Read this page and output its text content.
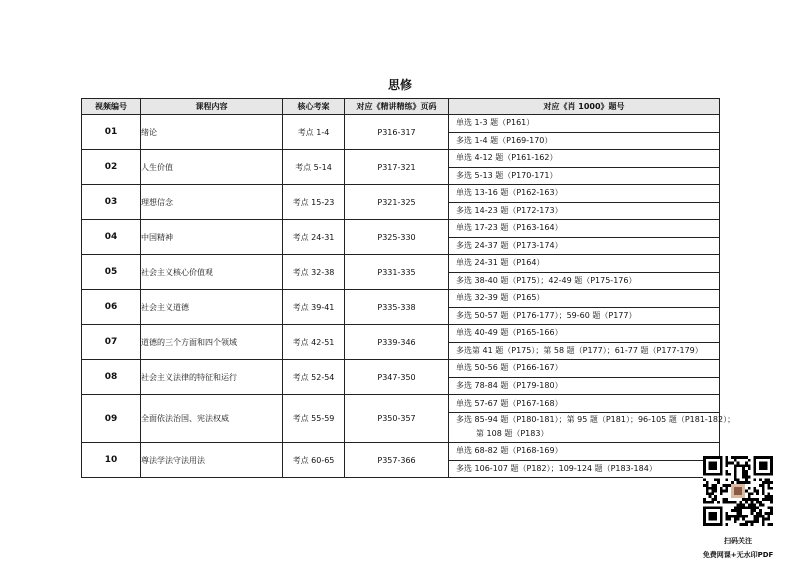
思修
视频编号	课程内容	核心考案	对应《精讲精练》页码	对应《肖 1000》题号
01	绪论	考点 1-4	P316-317	单选 1-3 题（P161）
多选 1-4 题（P169-170）

02	人生价值	考点 5-14	P317-321	单选 4-12 题（P161-162）
多选 5-13 题（P170-171）

03	理想信念	考点 15-23	P321-325	单选 13-16 题（P162-163）
多选 14-23 题（P172-173）

04	中国精神	考点 24-31	P325-330	单选 17-23 题（P163-164）
多选 24-37 题（P173-174）

05	社会主义核心价值观	考点 32-38	P331-335	单选 24-31 题（P164）
多选 38-40 题（P175）；42-49 题（P175-176）

06	社会主义道德	考点 39-41	P335-338	单选 32-39 题（P165）
多选 50-57 题（P176-177）；59-60 题（P177）

07	道德的三个方面和四个领域	考点 42-51	P339-346	单选 40-49 题（P165-166）
多选第 41 题（P175）；第 58 题（P177）；61-77 题（P177-179）

08	社会主义法律的特征和运行	考点 52-54	P347-350	单选 50-56 题（P166-167）
多选 78-84 题（P179-180）

09	全面依法治国、宪法权威	考点 55-59	P350-357	单选 57-67 题（P167-168）
多选 85-94 题（P180-181）；第 95 题（P181）；96-105 题（P181-182）；
第 108 题（P183）

10	尊法学法守法用法	考点 60-65	P357-366	单选 68-82 题（P168-169）
多选 106-107 题（P182）；109-124 题（P183-184）
扫码关注
免费网课+无水印PDF
